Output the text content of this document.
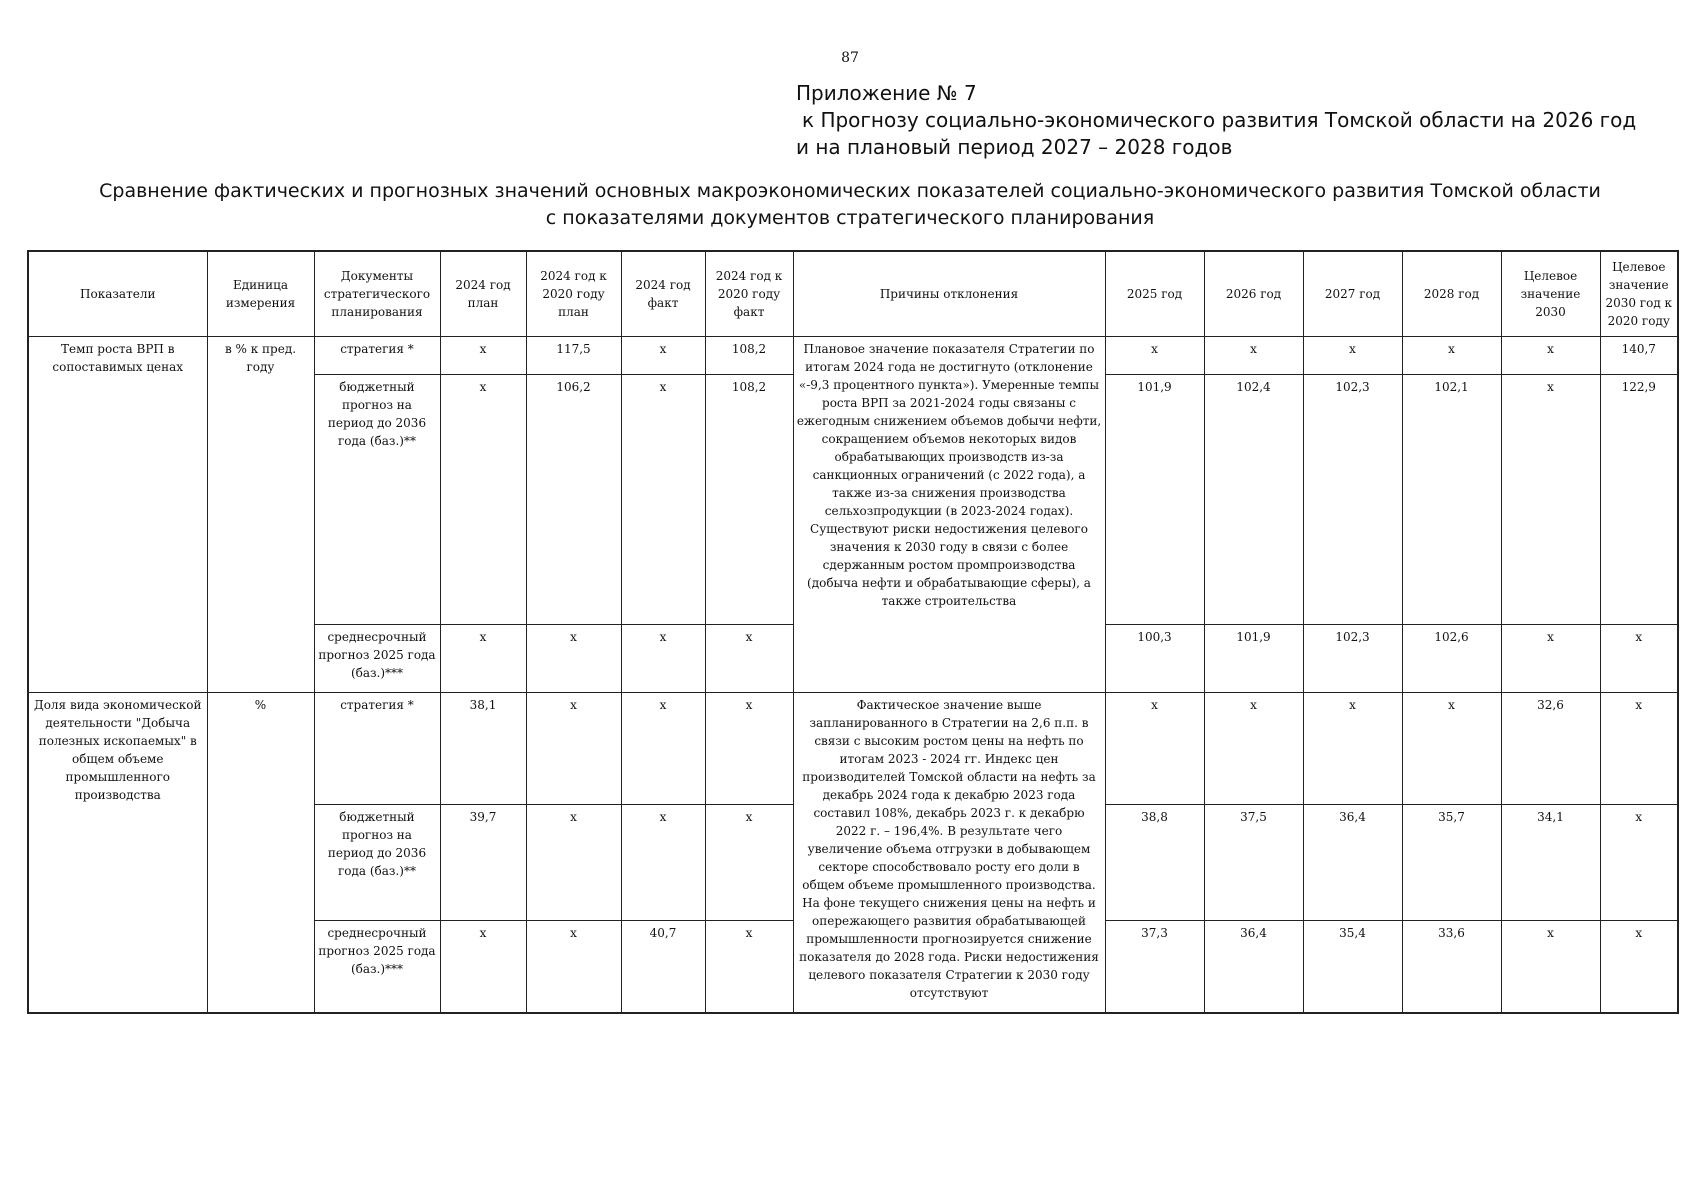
87
Приложение № 7
к Прогнозу социально-экономического развития Томской области на 2026 год
и на плановый период 2027 – 2028 годов
Сравнение фактических и прогнозных значений основных макроэкономических показателей социально-экономического развития Томской области
с показателями документов стратегического планирования
Показатели	Единица измерения	Документы стратегического планирования	2024 год план	2024 год к 2020 году план	2024 год факт	2024 год к 2020 году факт	Причины отклонения	2025 год	2026 год	2027 год	2028 год	Целевое значение 2030	Целевое значение 2030 год к 2020 году
Темп роста ВРП в сопоставимых ценах	в % к пред. году	стратегия *	х	117,5	х	108,2	Плановое значение показателя Стратегии по итогам 2024 года не достигнуто (отклонение «-9,3 процентного пункта»). Умеренные темпы роста ВРП за 2021-2024 годы связаны с ежегодным снижением объемов добычи нефти, сокращением объемов некоторых видов обрабатывающих производств из-за санкционных ограничений (с 2022 года), а также из-за снижения производства сельхозпродукции (в 2023-2024 годах). Существуют риски недостижения целевого значения к 2030 году в связи с более сдержанным ростом промпроизводства (добыча нефти и обрабатывающие сферы), а также строительства	х	х	х	х	х	140,7
		бюджетный прогноз на период до 2036 года (баз.)**	х	106,2	х	108,2		101,9	102,4	102,3	102,1	х	122,9
		среднесрочный прогноз 2025 года (баз.)***	х	х	х	х		100,3	101,9	102,3	102,6	х	х
Доля вида экономической деятельности "Добыча полезных ископаемых" в общем объеме промышленного производства	%	стратегия *	38,1	х	х	х	Фактическое значение выше запланированного в Стратегии на 2,6 п.п. в связи с высоким ростом цены на нефть по итогам 2023 - 2024 гг. Индекс цен производителей Томской области на нефть за декабрь 2024 года к декабрю 2023 года составил 108%, декабрь 2023 г. к декабрю 2022 г. – 196,4%. В результате чего увеличение объема отгрузки в добывающем секторе способствовало росту его доли в общем объеме промышленного производства. На фоне текущего снижения цены на нефть и опережающего развития обрабатывающей промышленности прогнозируется снижение показателя до 2028 года. Риски недостижения целевого показателя Стратегии к 2030 году отсутствуют	х	х	х	х	32,6	х
		бюджетный прогноз на период до 2036 года (баз.)**	39,7	х	х	х		38,8	37,5	36,4	35,7	34,1	х
		среднесрочный прогноз 2025 года (баз.)***	х	х	40,7	х		37,3	36,4	35,4	33,6	х	х
